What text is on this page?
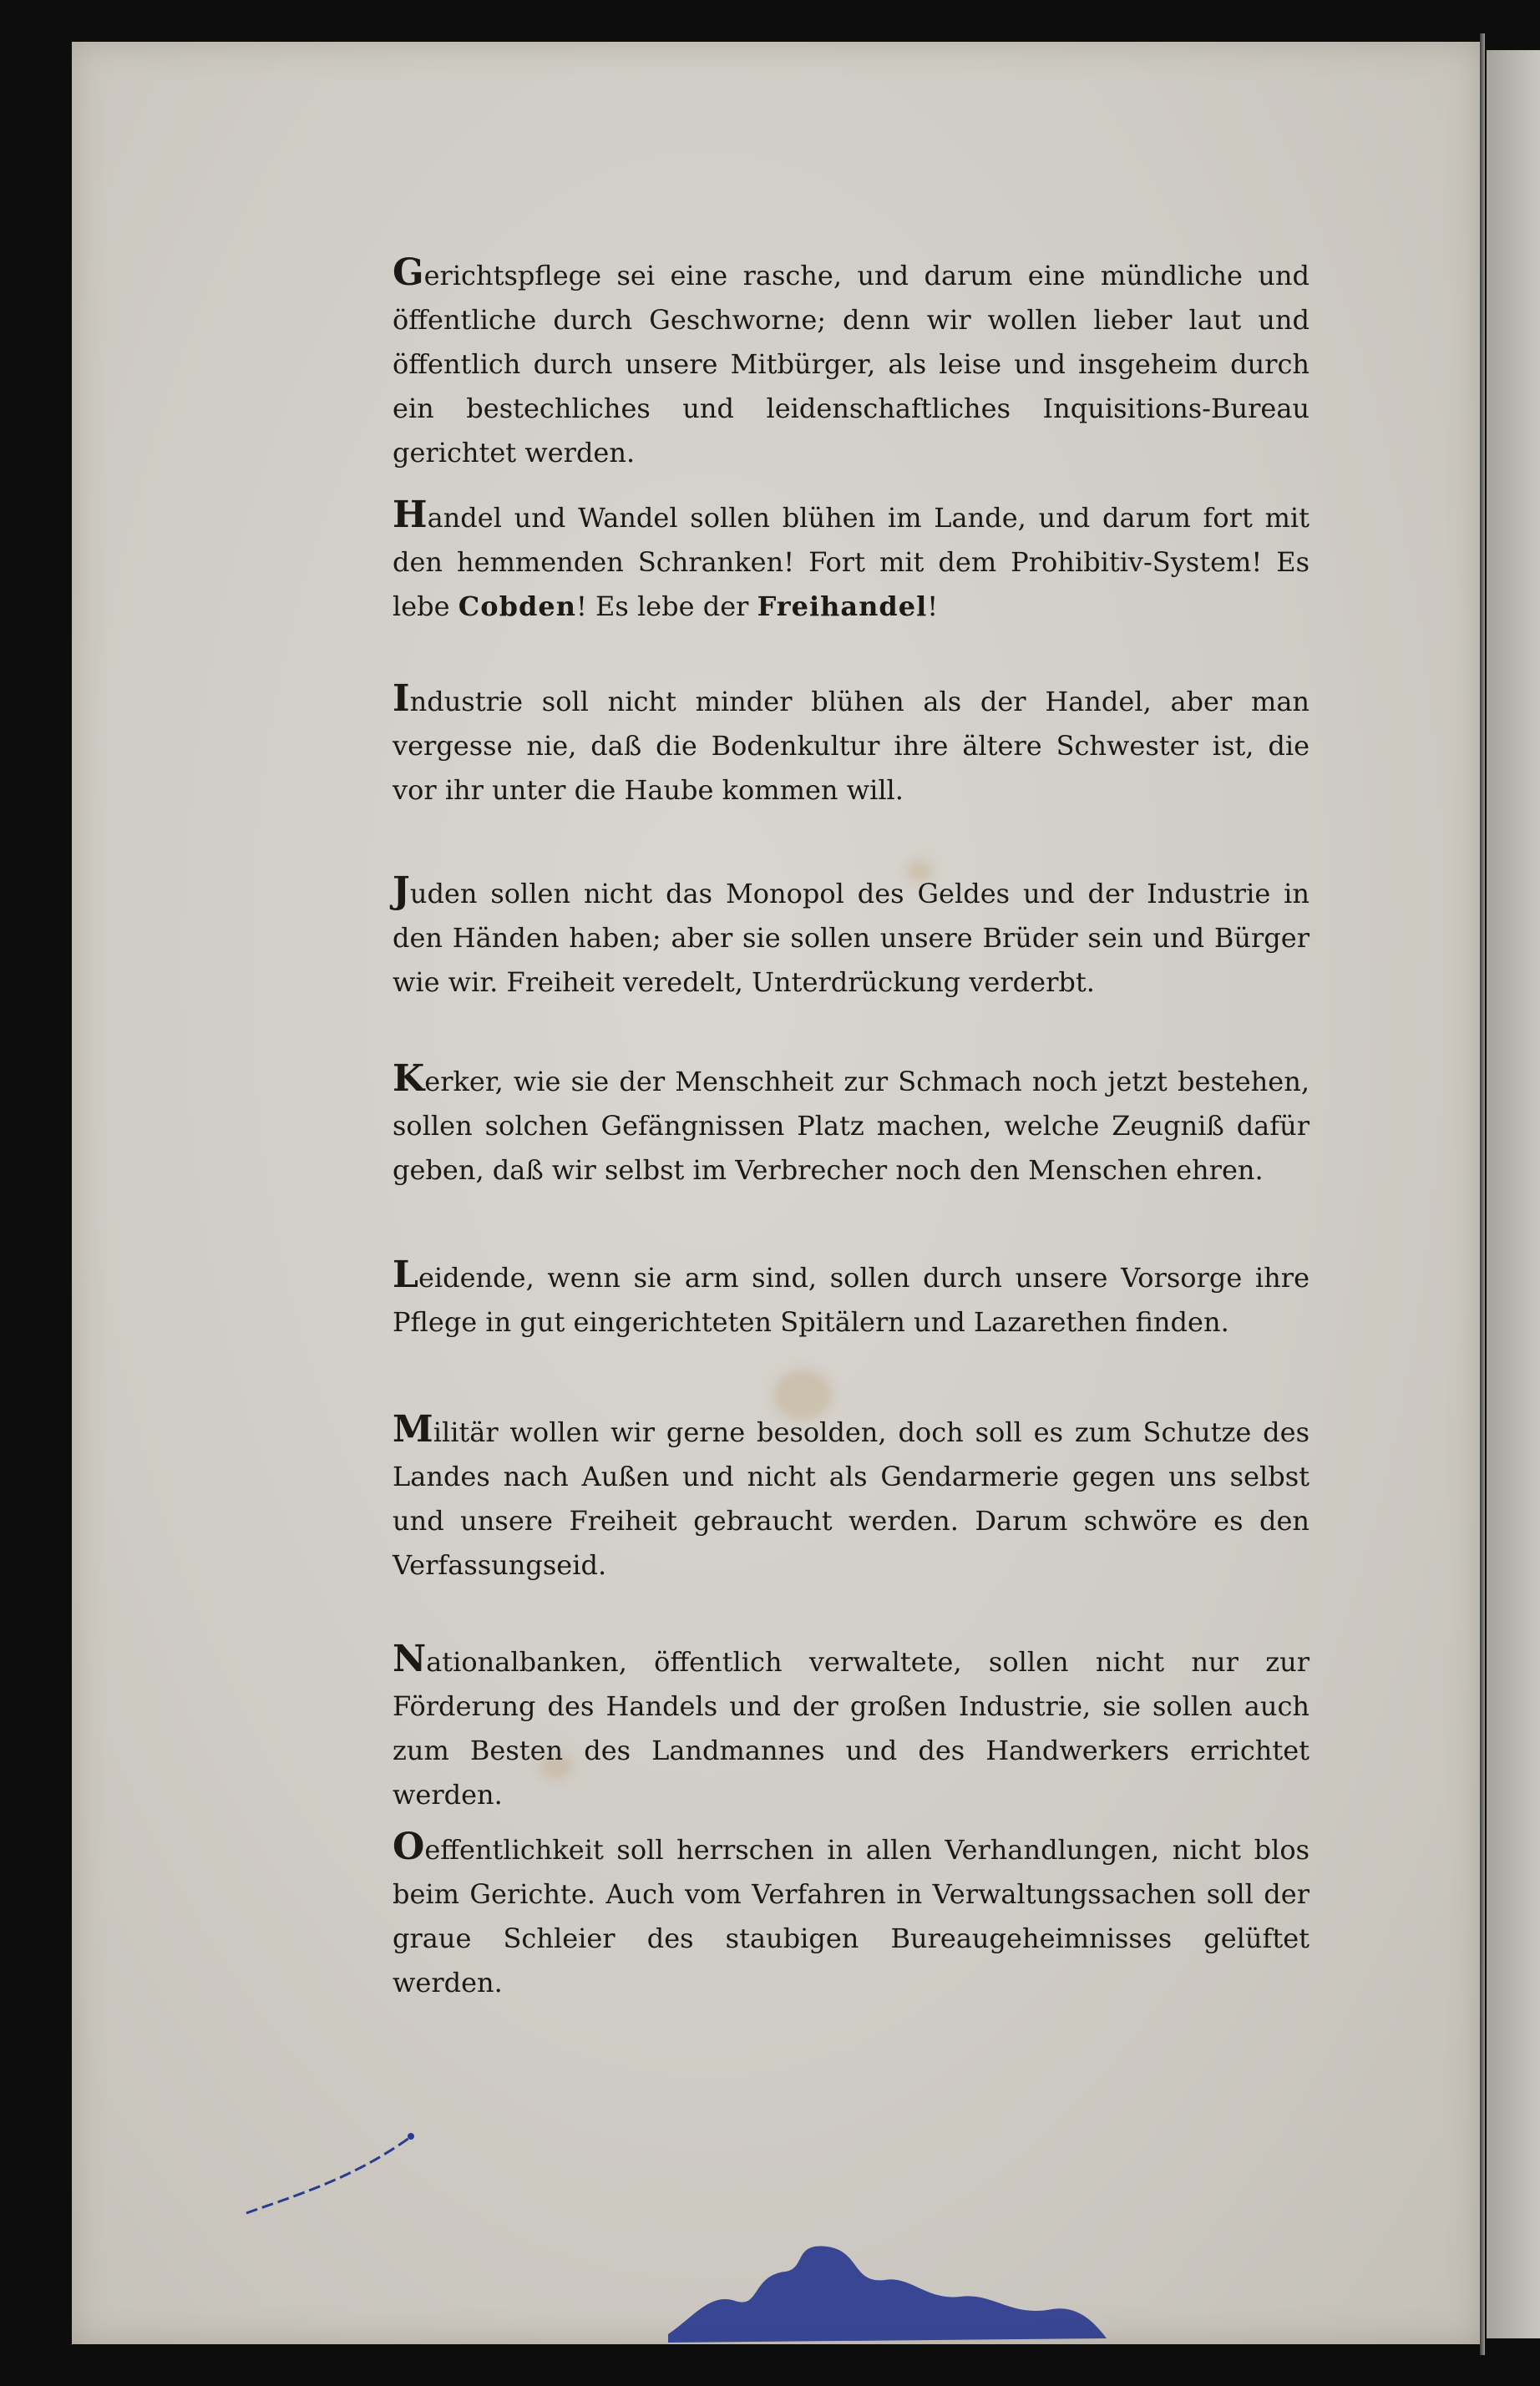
Gerichtspflege sei eine rasche, und darum eine mündliche und öffentliche durch Geschworne; denn wir wollen lieber laut und öffentlich durch unsere Mitbürger, als leise und insgeheim durch ein bestechliches und leidenschaftliches Inquisitions-Bureau gerichtet werden.

Handel und Wandel sollen blühen im Lande, und darum fort mit den hemmenden Schranken! Fort mit dem Prohibitiv-System! Es lebe Cobden! Es lebe der Freihandel!

Industrie soll nicht minder blühen als der Handel, aber man vergesse nie, daß die Bodenkultur ihre ältere Schwester ist, die vor ihr unter die Haube kommen will.

Juden sollen nicht das Monopol des Geldes und der Industrie in den Händen haben; aber sie sollen unsere Brüder sein und Bürger wie wir. Freiheit veredelt, Unterdrückung verderbt.

Kerker, wie sie der Menschheit zur Schmach noch jetzt bestehen, sollen solchen Gefängnissen Platz machen, welche Zeugniß dafür geben, daß wir selbst im Verbrecher noch den Menschen ehren.

Leidende, wenn sie arm sind, sollen durch unsere Vorsorge ihre Pflege in gut eingerichteten Spitälern und Lazarethen finden.

Militär wollen wir gerne besolden, doch soll es zum Schutze des Landes nach Außen und nicht als Gendarmerie gegen uns selbst und unsere Freiheit gebraucht werden. Darum schwöre es den Verfassungseid.

Nationalbanken, öffentlich verwaltete, sollen nicht nur zur Förderung des Handels und der großen Industrie, sie sollen auch zum Besten des Landmannes und des Handwerkers errichtet werden.

Oeffentlichkeit soll herrschen in allen Verhandlungen, nicht blos beim Gerichte. Auch vom Verfahren in Verwaltungssachen soll der graue Schleier des staubigen Bureaugeheimnisses gelüftet werden.
